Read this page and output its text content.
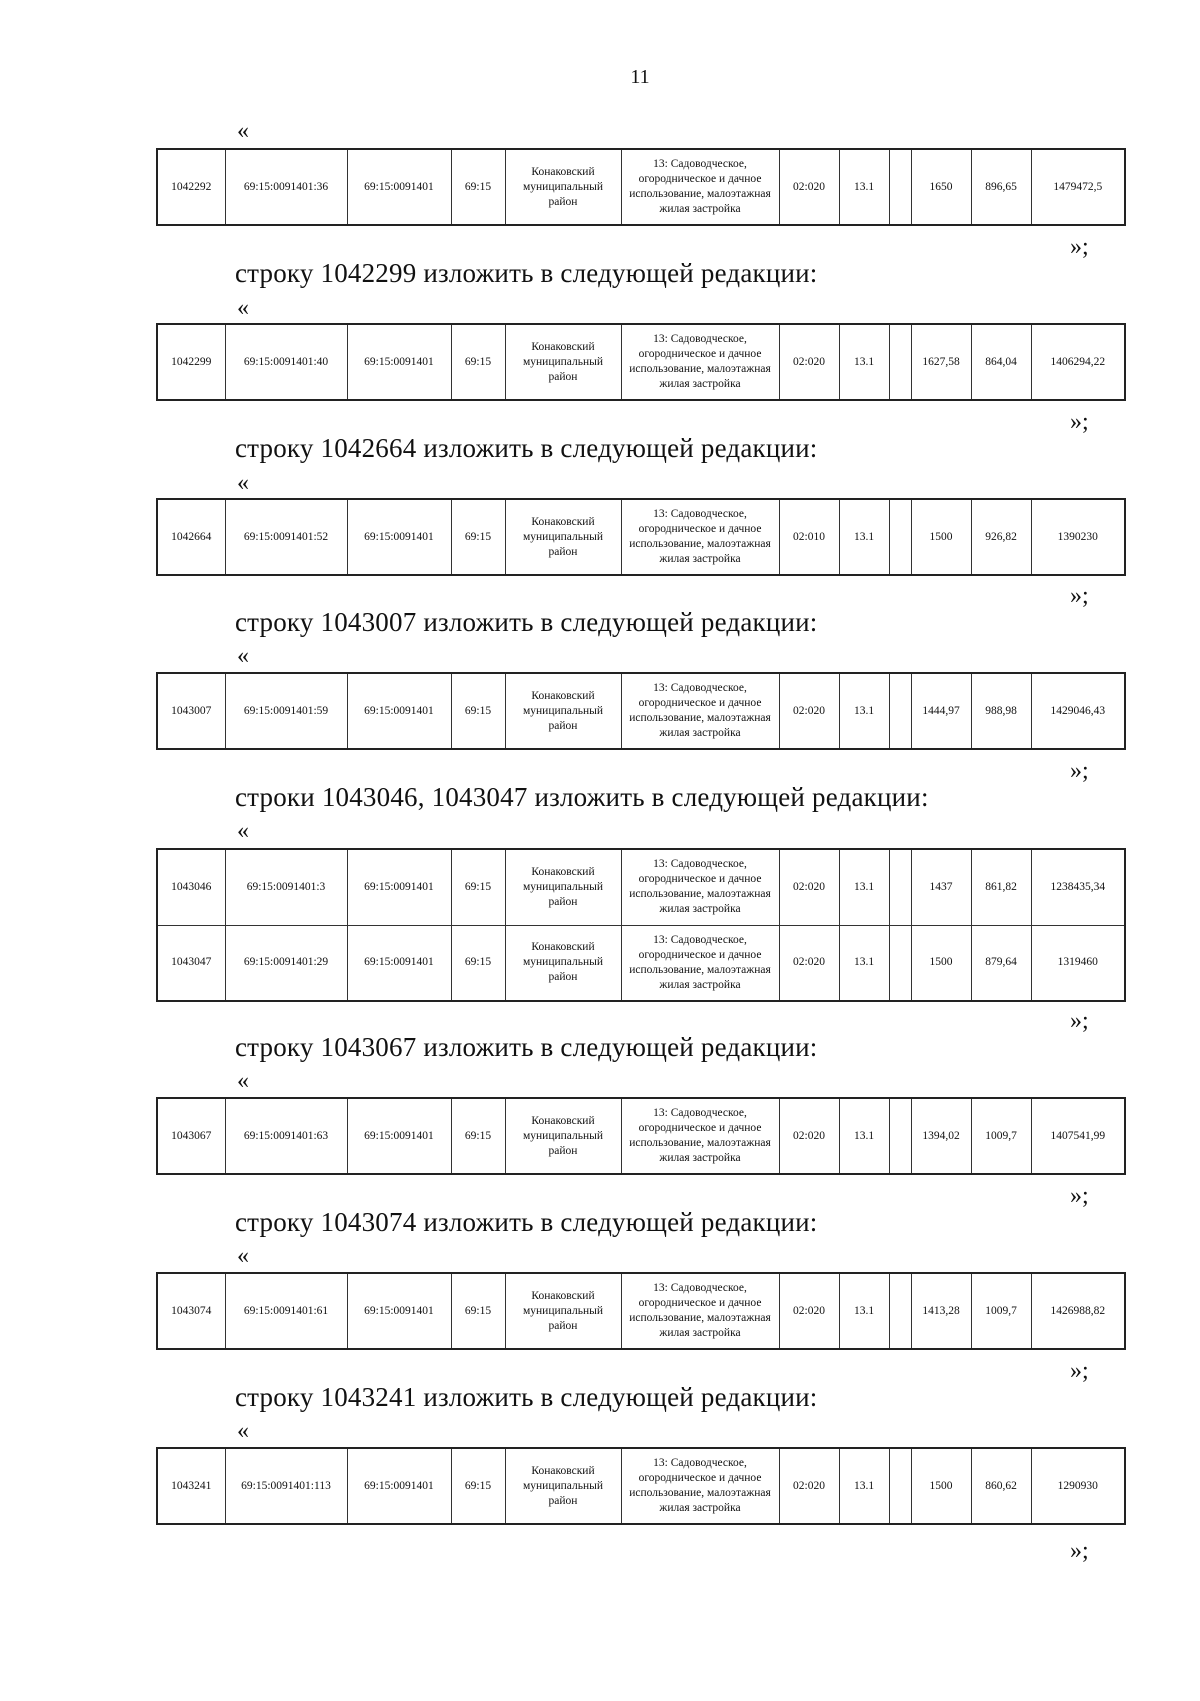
11
«
1042292	69:15:0091401:36	69:15:0091401	69:15	Конаковский муниципальный район	13: Садоводческое, огородническое и дачное использование, малоэтажная жилая застройка	02:020	13.1		1650	896,65	1479472,5
»;
строку 1042299 изложить в следующей редакции:
«
1042299	69:15:0091401:40	69:15:0091401	69:15	Конаковский муниципальный район	13: Садоводческое, огородническое и дачное использование, малоэтажная жилая застройка	02:020	13.1		1627,58	864,04	1406294,22
»;
строку 1042664 изложить в следующей редакции:
«
1042664	69:15:0091401:52	69:15:0091401	69:15	Конаковский муниципальный район	13: Садоводческое, огородническое и дачное использование, малоэтажная жилая застройка	02:010	13.1		1500	926,82	1390230
»;
строку 1043007 изложить в следующей редакции:
«
1043007	69:15:0091401:59	69:15:0091401	69:15	Конаковский муниципальный район	13: Садоводческое, огородническое и дачное использование, малоэтажная жилая застройка	02:020	13.1		1444,97	988,98	1429046,43
»;
строки 1043046, 1043047 изложить в следующей редакции:
«
1043046	69:15:0091401:3	69:15:0091401	69:15	Конаковский муниципальный район	13: Садоводческое, огородническое и дачное использование, малоэтажная жилая застройка	02:020	13.1		1437	861,82	1238435,34
1043047	69:15:0091401:29	69:15:0091401	69:15	Конаковский муниципальный район	13: Садоводческое, огородническое и дачное использование, малоэтажная жилая застройка	02:020	13.1		1500	879,64	1319460
»;
строку 1043067 изложить в следующей редакции:
«
1043067	69:15:0091401:63	69:15:0091401	69:15	Конаковский муниципальный район	13: Садоводческое, огородническое и дачное использование, малоэтажная жилая застройка	02:020	13.1		1394,02	1009,7	1407541,99
»;
строку 1043074 изложить в следующей редакции:
«
1043074	69:15:0091401:61	69:15:0091401	69:15	Конаковский муниципальный район	13: Садоводческое, огородническое и дачное использование, малоэтажная жилая застройка	02:020	13.1		1413,28	1009,7	1426988,82
»;
строку 1043241 изложить в следующей редакции:
«
1043241	69:15:0091401:113	69:15:0091401	69:15	Конаковский муниципальный район	13: Садоводческое, огородническое и дачное использование, малоэтажная жилая застройка	02:020	13.1		1500	860,62	1290930
»;
